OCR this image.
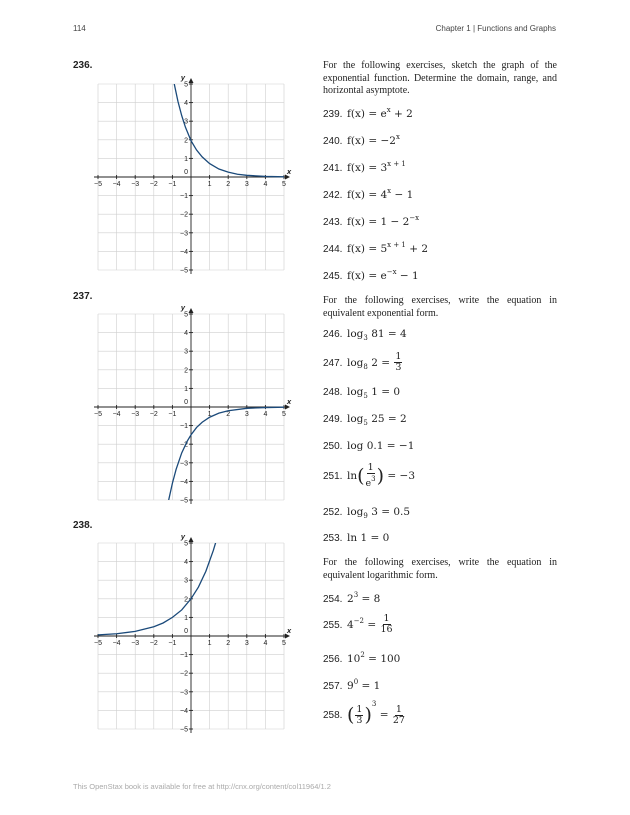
114	Chapter 1 | Functions and Graphs
236.
−5 −4 −3 −2 −1	1 2 3 4 5
−5
−4
−3
−2
−1
1
2
3
4
5
0	x
y
237.
−5 −4 −3 −2 −1	1 2 3 4 5
−5
−4
−3
−2
−1
1
2
3
4
5
0	x
y
238.
−5 −4 −3 −2 −1	1 2 3 4 5
−5
−4
−3
−2
−1
1
2
3
4
5
0	x
y
For the following exercises, sketch the graph of the exponential function. Determine the domain, range, and horizontal asymptote.
239. $f(x) = e^x + 2$
240. $f(x) = -2^x$
241. $f(x) = 3^{x + 1}$
242. $f(x) = 4^x - 1$
243. $f(x) = 1 - 2^{-x}$
244. $f(x) = 5^{x + 1} + 2$
245. $f(x) = e^{-x} - 1$
For the following exercises, write the equation in equivalent exponential form.
246. $\log_3 81 = 4$
247. $\log_8 2 = \frac{1}{3}$
248. $\log_5 1 = 0$
249. $\log_5 25 = 2$
250. log 0.1 = −1
251. $\ln( \frac{1}{e^3}$ ) = −3
252. $\log_9 3 = 0.5$
253. ln 1 = 0
For the following exercises, write the equation in equivalent logarithmic form.
254. $2^3 = 8$
255. $4^{-2} = \frac{1}{16}$
256. $10^2 = 100$
257. $9^0 = 1$
258. ( $\frac{1}{3} )^3 = \frac{1}{27}$
This OpenStax book is available for free at http://cnx.org/content/col11964/1.2
